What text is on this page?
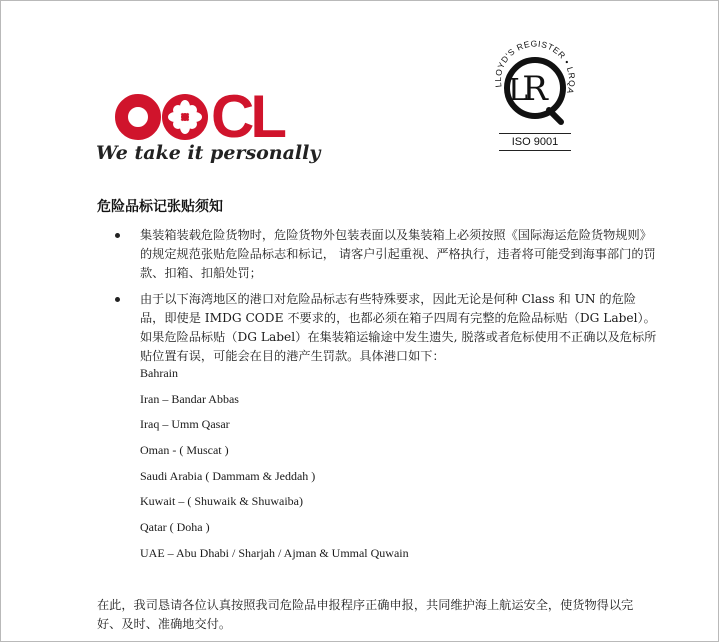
CL
We take it personally
LLOYD'S REGISTER • LRQA
R
L
ISO 9001
危险品标记张贴须知
集装箱装载危险货物时，危险货物外包装表面以及集装箱上必须按照《国际海运危险货物规则》的规定规范张贴危险品标志和标记， 请客户引起重视、严格执行，违者将可能受到海事部门的罚款、扣箱、扣船处罚；
由于以下海湾地区的港口对危险品标志有些特殊要求，因此无论是何种 Class 和 UN 的危险品，即使是 IMDG CODE 不要求的，也都必须在箱子四周有完整的危险品标贴（DG Label）。如果危险品标贴（DG Label）在集装箱运输途中发生遗失, 脱落或者危标使用不正确以及危标所贴位置有误，可能会在目的港产生罚款。具体港口如下：
Bahrain
Iran – Bandar Abbas
Iraq – Umm Qasar
Oman - ( Muscat )
Saudi Arabia ( Dammam & Jeddah )
Kuwait – ( Shuwaik & Shuwaiba)
Qatar ( Doha )
UAE – Abu Dhabi / Sharjah / Ajman & Ummal Quwain
在此，我司恳请各位认真按照我司危险品申报程序正确申报，共同维护海上航运安全，使货物得以完好、及时、准确地交付。
